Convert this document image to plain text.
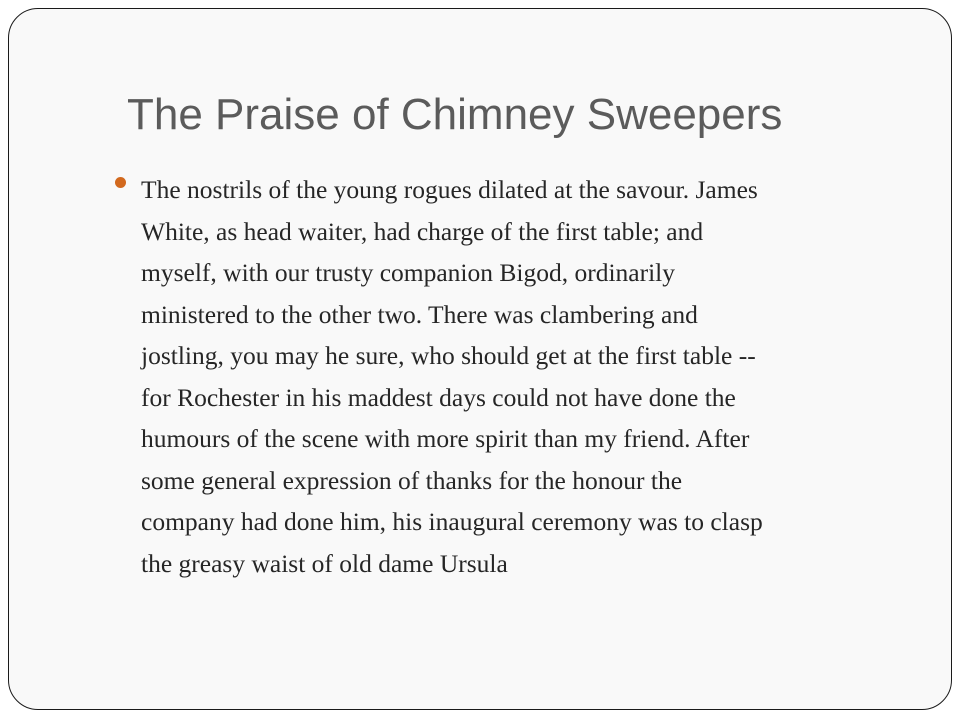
The Praise of Chimney Sweepers
The nostrils of the young rogues dilated at the savour. James
White, as head waiter, had charge of the first table; and
myself, with our trusty companion Bigod, ordinarily
ministered to the other two. There was clambering and
jostling, you may he sure, who should get at the first table --
for Rochester in his maddest days could not have done the
humours of the scene with more spirit than my friend. After
some general expression of thanks for the honour the
company had done him, his inaugural ceremony was to clasp
the greasy waist of old dame Ursula
